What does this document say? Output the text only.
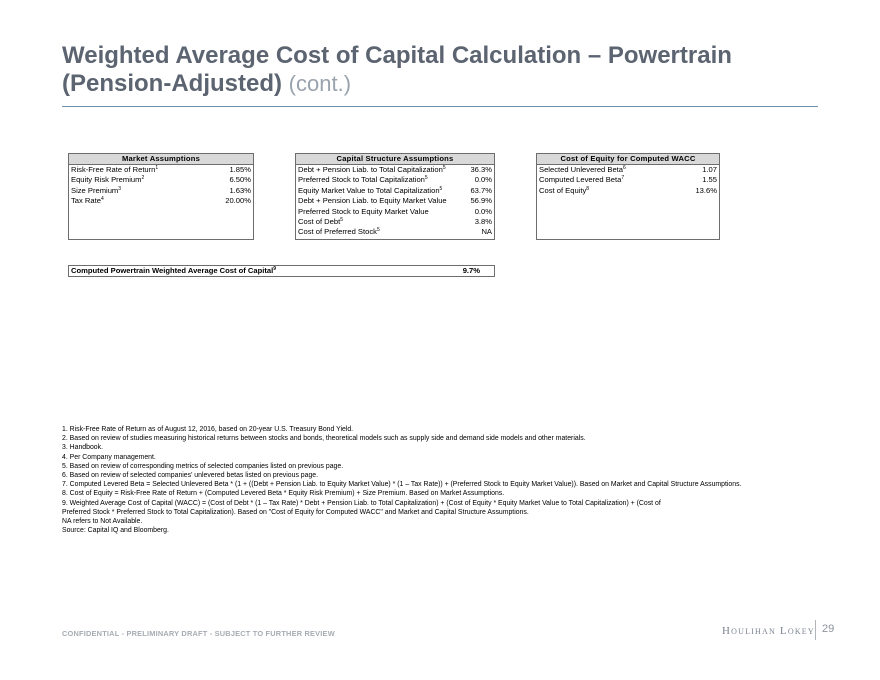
Weighted Average Cost of Capital Calculation – Powertrain (Pension-Adjusted) (cont.)
Market Assumptions
Risk-Free Rate of Return$^1$	1.85%
Equity Risk Premium$^2$	6.50%
Size Premium$^3$	1.63%
Tax Rate$^4$	20.00%
Capital Structure Assumptions
Debt + Pension Liab. to Total Capitalization$^5$	36.3%
Preferred Stock to Total Capitalization$^5$	0.0%
Equity Market Value to Total Capitalization$^5$	63.7%
Debt + Pension Liab. to Equity Market Value	56.9%
Preferred Stock to Equity Market Value	0.0%
Cost of Debt$^5$	3.8%
Cost of Preferred Stock$^5$	NA
Cost of Equity for Computed WACC
Selected Unlevered Beta$^6$	1.07
Computed Levered Beta$^7$	1.55
Cost of Equity$^8$	13.6%
Computed Powertrain Weighted Average Cost of Capital$^9$	9.7%
1. Risk-Free Rate of Return as of August 12, 2016, based on 20-year U.S. Treasury Bond Yield.
2. Based on review of studies measuring historical returns between stocks and bonds, theoretical models such as supply side and demand side models and other materials.
3. Handbook.
4. Per Company management.
5. Based on review of corresponding metrics of selected companies listed on previous page.
6. Based on review of selected companies' unlevered betas listed on previous page.
7. Computed Levered Beta = Selected Unlevered Beta * (1 + ((Debt + Pension Liab. to Equity Market Value) * (1 – Tax Rate)) + (Preferred Stock to Equity Market Value)). Based on Market and Capital Structure Assumptions.
8. Cost of Equity = Risk-Free Rate of Return + (Computed Levered Beta * Equity Risk Premium) + Size Premium. Based on Market Assumptions.
9. Weighted Average Cost of Capital (WACC) = (Cost of Debt * (1 – Tax Rate) * Debt + Pension Liab. to Total Capitalization) + (Cost of Equity * Equity Market Value to Total Capitalization) + (Cost of
Preferred Stock * Preferred Stock to Total Capitalization). Based on "Cost of Equity for Computed WACC" and Market and Capital Structure Assumptions.
NA refers to Not Available.
Source: Capital IQ and Bloomberg.
CONFIDENTIAL - PRELIMINARY DRAFT - SUBJECT TO FURTHER REVIEW	Houlihan Lokey 29
